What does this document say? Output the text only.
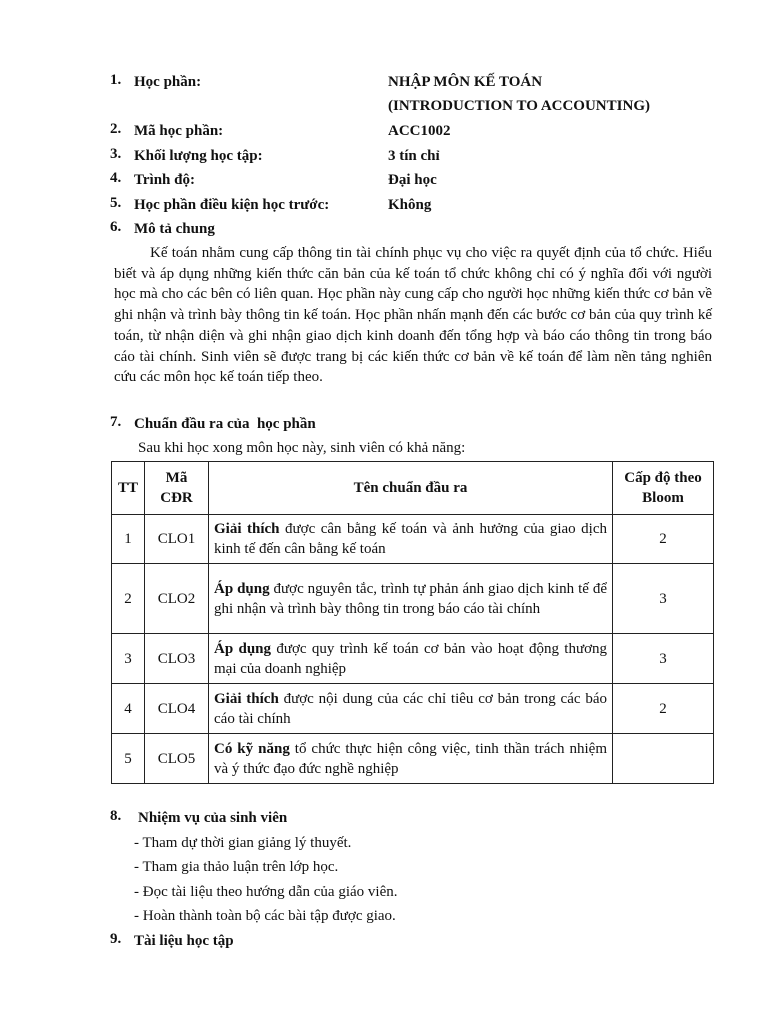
1. Học phần:	NHẬP MÔN KẾ TOÁN
(INTRODUCTION TO ACCOUNTING)
2. Mã học phần:	ACC1002
3. Khối lượng học tập:	3 tín chỉ
4. Trình độ:	Đại học
5. Học phần điều kiện học trước:	Không
6. Mô tả chung
Kế toán nhằm cung cấp thông tin tài chính phục vụ cho việc ra quyết định của tổ chức. Hiểu biết và áp dụng những kiến thức căn bản của kế toán tổ chức không chỉ có ý nghĩa đối với người học mà cho các bên có liên quan. Học phần này cung cấp cho người học những kiến thức cơ bản về ghi nhận và trình bày thông tin kế toán. Học phần nhấn mạnh đến các bước cơ bản của quy trình kế toán, từ nhận diện và ghi nhận giao dịch kinh doanh đến tổng hợp và báo cáo thông tin trong báo cáo tài chính. Sinh viên sẽ được trang bị các kiến thức cơ bản về kế toán để làm nền tảng nghiên cứu các môn học kế toán tiếp theo.
7. Chuẩn đầu ra của  học phần
Sau khi học xong môn học này, sinh viên có khả năng:
TT	Mã CĐR	Tên chuẩn đầu ra	Cấp độ theo Bloom
1	CLO1	Giải thích được cân bằng kế toán và ảnh hưởng của giao dịch kinh tế đến cân bằng kế toán	2
2	CLO2	Áp dụng được nguyên tắc, trình tự phản ánh giao dịch kinh tế để ghi nhận và trình bày thông tin trong báo cáo tài chính	3
3	CLO3	Áp dụng được quy trình kế toán cơ bản vào hoạt động thương mại của doanh nghiệp	3
4	CLO4	Giải thích được nội dung của các chỉ tiêu cơ bản trong các báo cáo tài chính	2
5	CLO5	Có kỹ năng tổ chức thực hiện công việc, tinh thần trách nhiệm và ý thức đạo đức nghề nghiệp	
8.	Nhiệm vụ của sinh viên
- Tham dự thời gian giảng lý thuyết.
- Tham gia thảo luận trên lớp học.
- Đọc tài liệu theo hướng dẫn của giáo viên.
- Hoàn thành toàn bộ các bài tập được giao.
9. Tài liệu học tập
